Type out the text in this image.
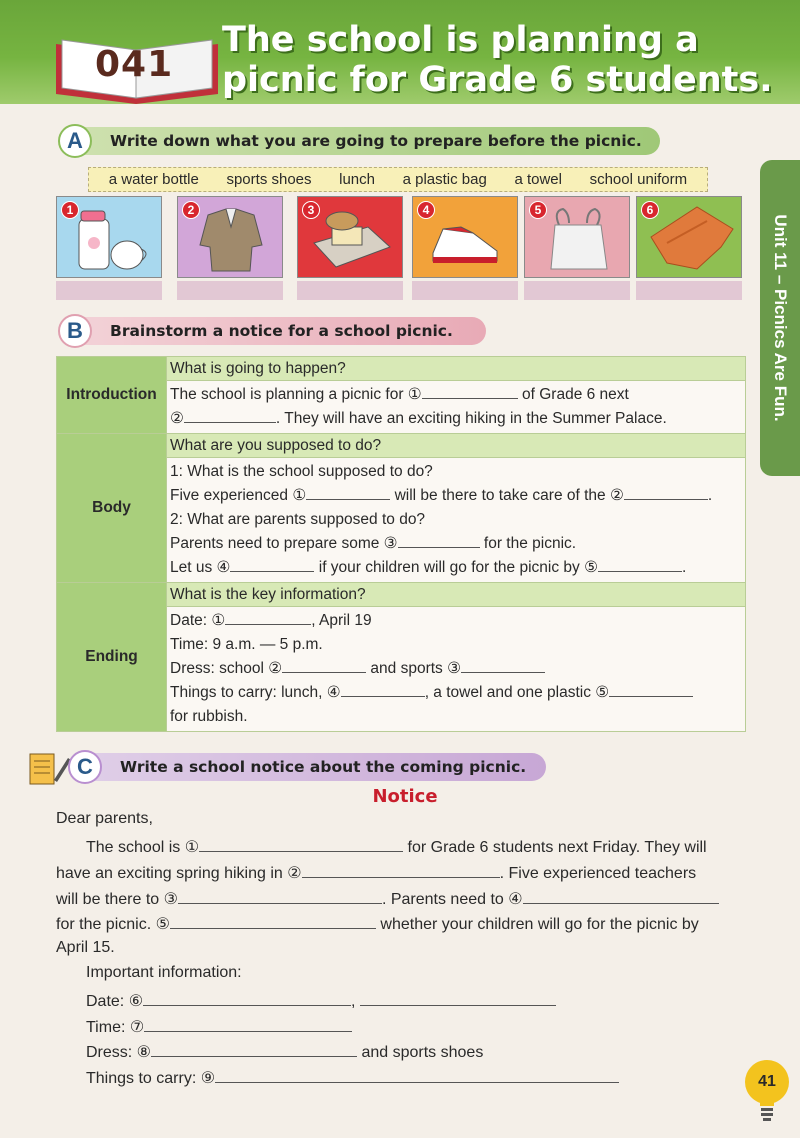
041
The school is planning a
picnic for Grade 6 students.
Unit 11 – Picnics Are Fun.
A	Write down what you are going to prepare before the picnic.
a water bottle sports shoes lunch a plastic bag a towel school uniform
1	2	3	4	5	6
B	Brainstorm a notice for a school picnic.
Introduction	What is going to happen?
	The school is planning a picnic for ① of Grade 6 next
② . They will have an exciting hiking in the Summer Palace.
Body	What are you supposed to do?
	1: What is the school supposed to do?
Five experienced ① will be there to take care of the ② .
2: What are parents supposed to do?
Parents need to prepare some ③ for the picnic.
Let us ④ if your children will go for the picnic by ⑤ .
Ending	What is the key information?
	Date: ① , April 19
Time: 9 a.m. — 5 p.m.
Dress: school ② and sports ③
Things to carry: lunch, ④ , a towel and one plastic ⑤
for rubbish.
C	Write a school notice about the coming picnic.
Notice
Dear parents,
The school is ①	for Grade 6 students next Friday. They will
have an exciting spring hiking in ②	. Five experienced teachers
will be there to ③	. Parents need to ④
for the picnic. ⑤	whether your children will go for the picnic by
April 15.
Important information:
Date: ⑥	,
Time: ⑦
Dress: ⑧	and sports shoes
Things to carry: ⑨	41
